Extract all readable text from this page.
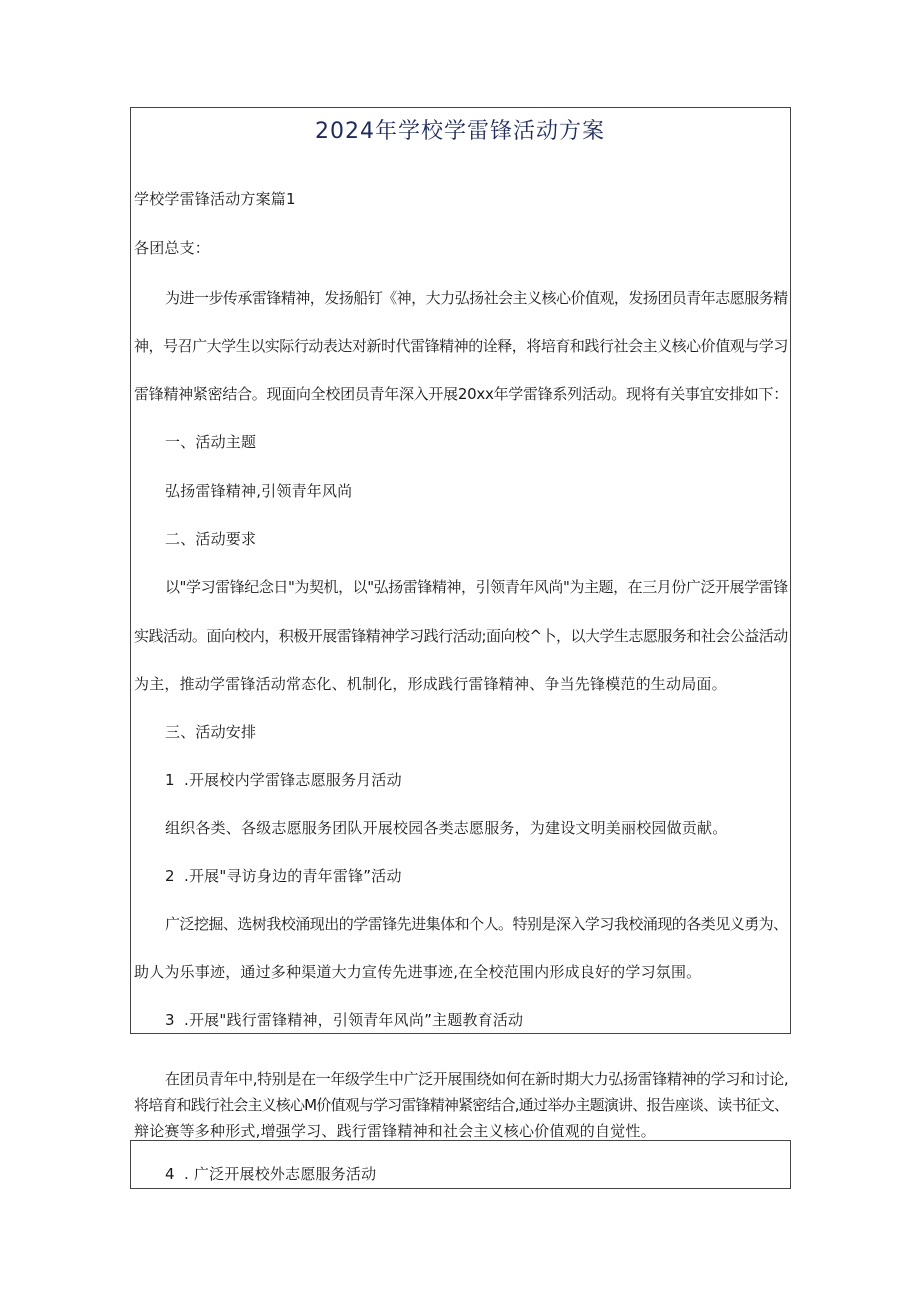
2024年学校学雷锋活动方案
学校学雷锋活动方案篇1
各团总支：
为进一步传承雷锋精神，发扬船钉《神，大力弘扬社会主义核心价值观，发扬团员青年志愿服务精
神，号召广大学生以实际行动表达对新时代雷锋精神的诠释，将培育和践行社会主义核心价值观与学习
雷锋精神紧密结合。现面向全校团员青年深入开展20xx年学雷锋系列活动。现将有关事宜安排如下：
一、活动主题
弘扬雷锋精神,引领青年风尚
二、活动要求
以"学习雷锋纪念日"为契机，以"弘扬雷锋精神，引领青年风尚"为主题，在三月份广泛开展学雷锋
实践活动。面向校内，积极开展雷锋精神学习践行活动;面向校^卜，以大学生志愿服务和社会公益活动
为主，推动学雷锋活动常态化、机制化，形成践行雷锋精神、争当先锋模范的生动局面。
三、活动安排
1 .开展校内学雷锋志愿服务月活动
组织各类、各级志愿服务团队开展校园各类志愿服务，为建设文明美丽校园做贡献。
2 .开展"寻访身边的青年雷锋”活动
广泛挖掘、选树我校涌现出的学雷锋先进集体和个人。特别是深入学习我校涌现的各类见义勇为、
助人为乐事迹，通过多种渠道大力宣传先进事迹,在全校范围内形成良好的学习氛围。
3 .开展"践行雷锋精神，引领青年风尚”主题教育活动
在团员青年中,特别是在一年级学生中广泛开展围绕如何在新时期大力弘扬雷锋精神的学习和讨论,
将培育和践行社会主义核心M价值观与学习雷锋精神紧密结合,通过举办主题演讲、报告座谈、读书征文、
辩论赛等多种形式,增强学习、践行雷锋精神和社会主义核心价值观的自觉性。
4 . 广泛开展校外志愿服务活动
